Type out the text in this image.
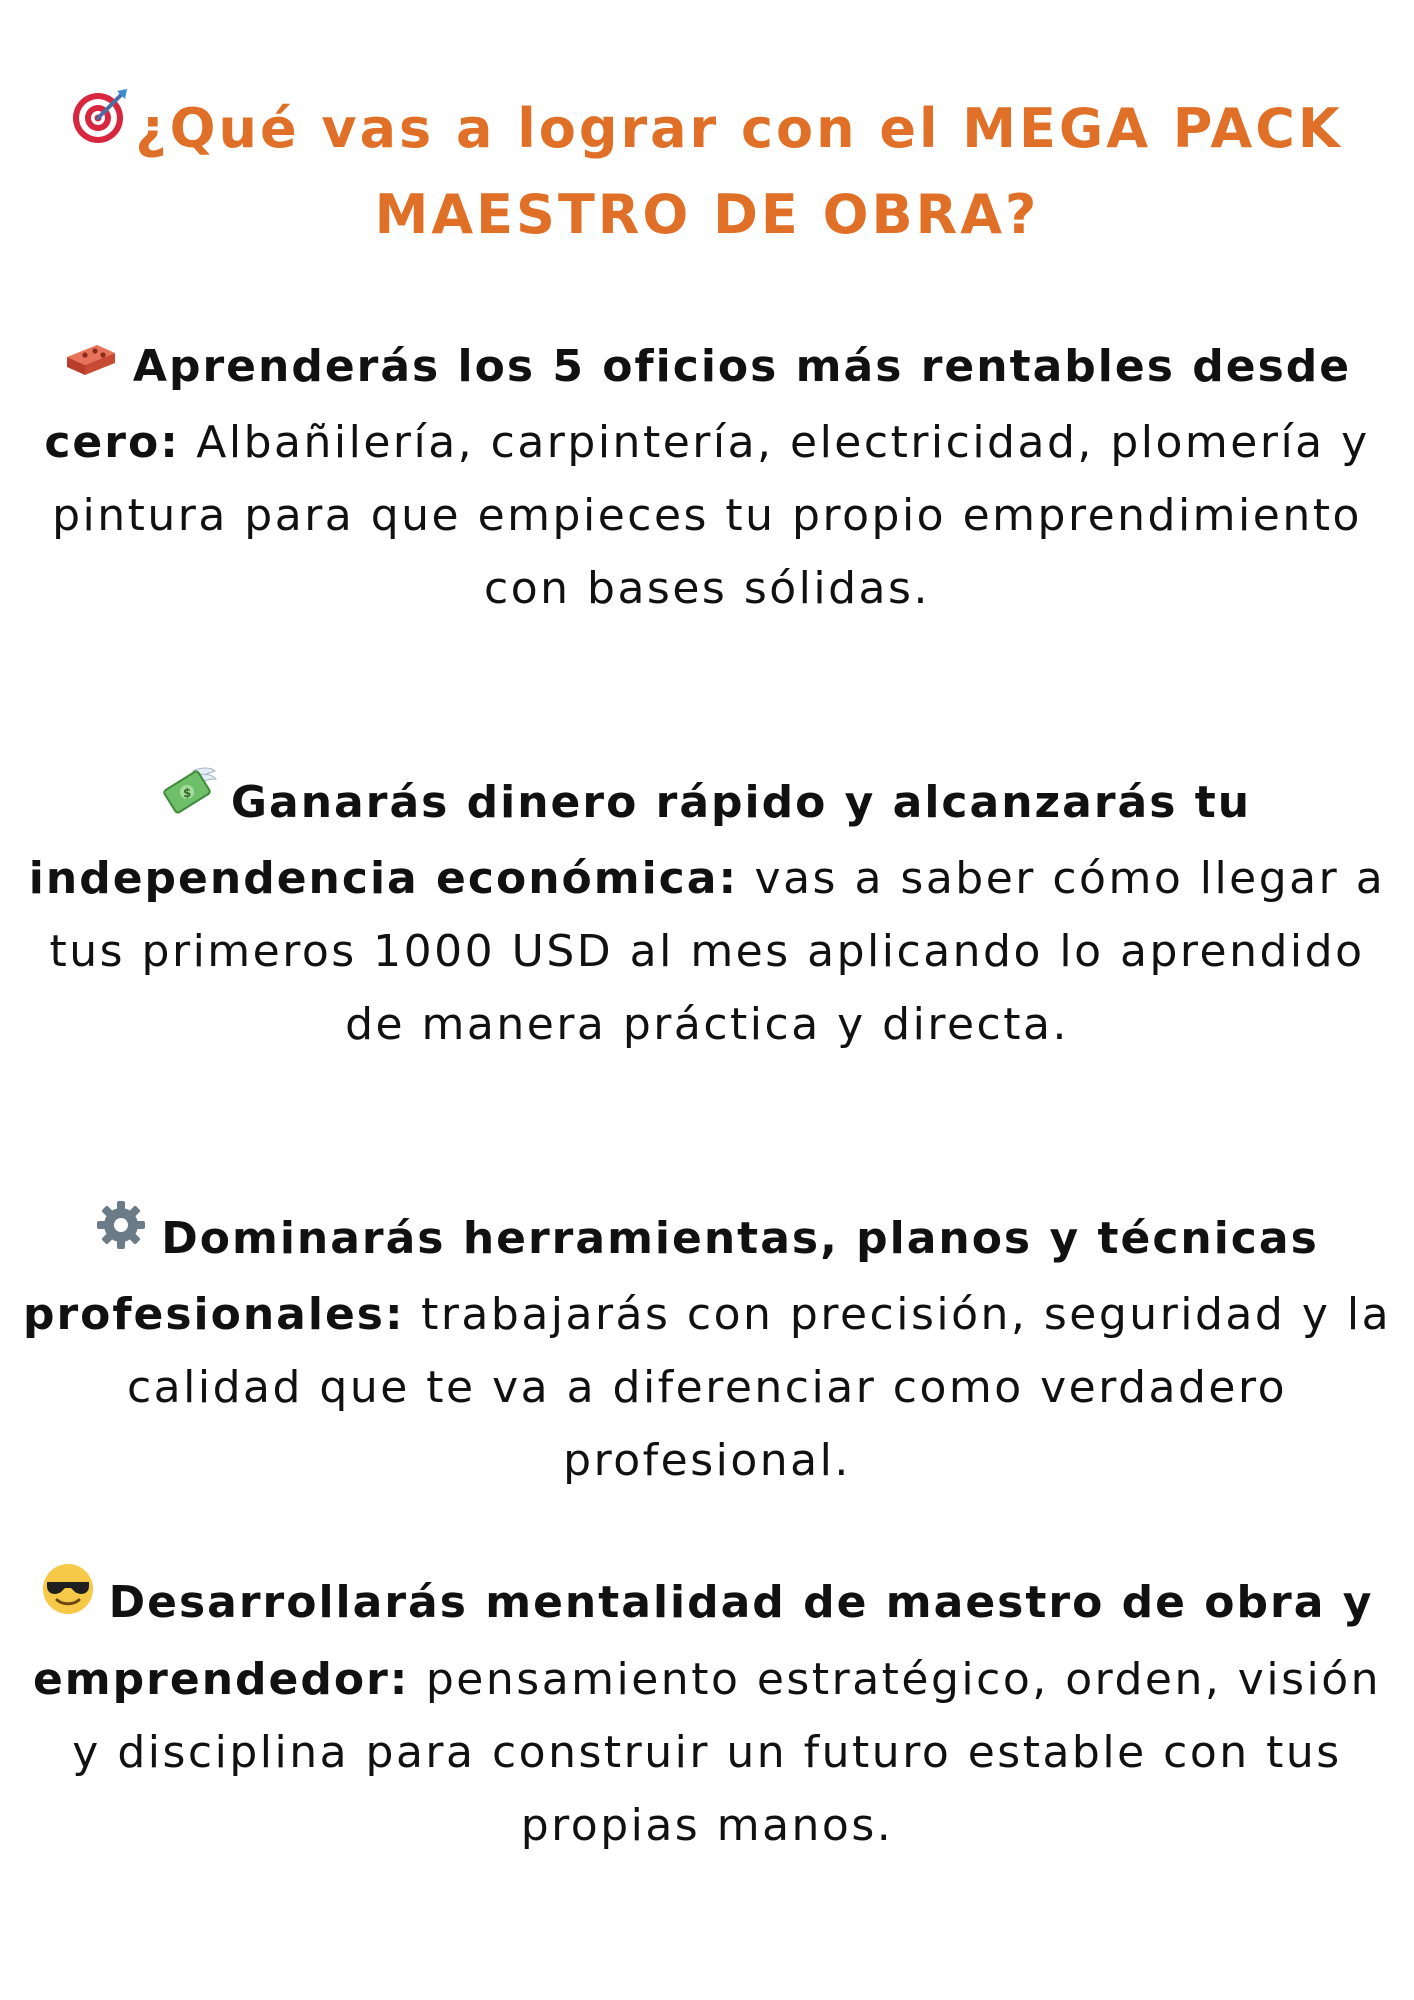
¿Qué vas a lograr con el MEGA PACK MAESTRO DE OBRA?
Aprenderás los 5 oficios más rentables desde cero: Albañilería, carpintería, electricidad, plomería y pintura para que empieces tu propio emprendimiento con bases sólidas.
$ Ganarás dinero rápido y alcanzarás tu independencia económica: vas a saber cómo llegar a tus primeros 1000 USD al mes aplicando lo aprendido de manera práctica y directa.
Dominarás herramientas, planos y técnicas profesionales: trabajarás con precisión, seguridad y la calidad que te va a diferenciar como verdadero profesional.
Desarrollarás mentalidad de maestro de obra y emprendedor: pensamiento estratégico, orden, visión y disciplina para construir un futuro estable con tus propias manos.
